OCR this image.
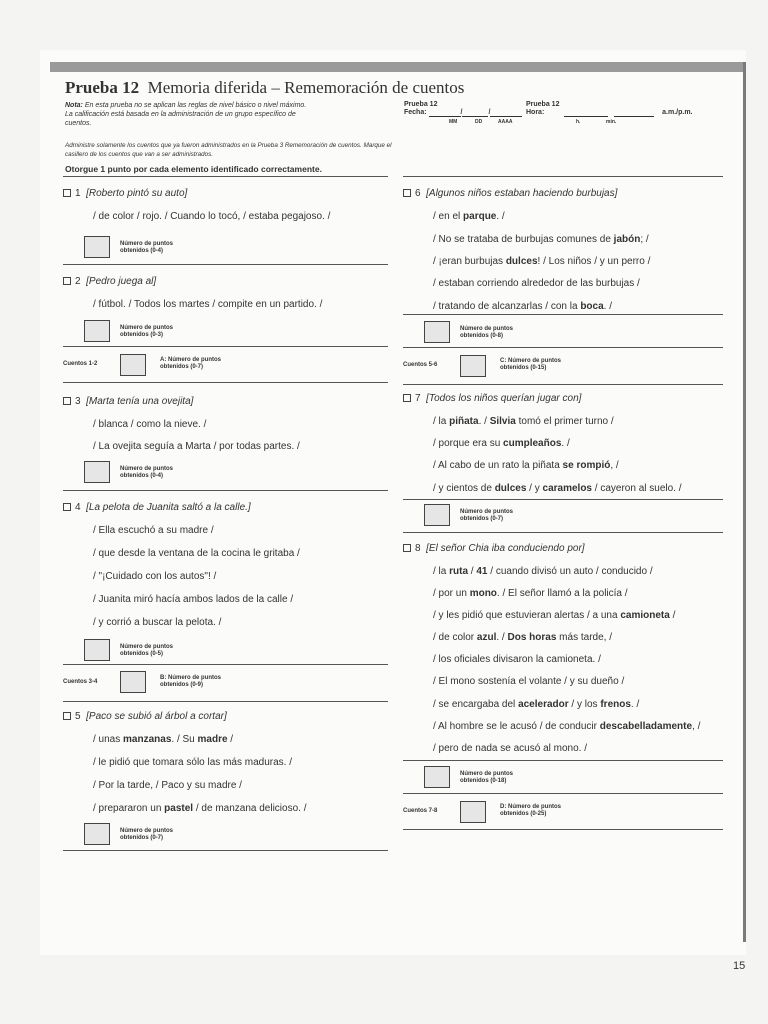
Prueba 12 Memoria diferida – Rememoración de cuentos
Nota: En esta prueba no se aplican las reglas de nivel básico o nivel máximo. La calificación está basada en la administración de un grupo específico de cuentos.
Administre solamente los cuentos que ya fueron administrados en la Prueba 3 Rememoración de cuentos. Marque el casillero de los cuentos que van a ser administrados.
Otorgue 1 punto por cada elemento identificado correctamente.
Prueba 12
Fecha:	/	/
MM	DD	AAAA
Prueba 12
Hora:	a.m./p.m.
h.	min.
1 [Roberto pintó su auto]
/ de color / rojo. / Cuando lo tocó, / estaba pegajoso. /
Número de puntos obtenidos (0-4)
2 [Pedro juega al]
/ fútbol. / Todos los martes / compite en un partido. /
Número de puntos obtenidos (0-3)
Cuentos 1-2
A: Número de puntos obtenidos (0-7)
3 [Marta tenía una ovejita]
/ blanca / como la nieve. /
/ La ovejita seguía a Marta / por todas partes. /
Número de puntos obtenidos (0-4)
4 [La pelota de Juanita saltó a la calle.]
/ Ella escuchó a su madre /
/ que desde la ventana de la cocina le gritaba /
/ "¡Cuidado con los autos"! /
/ Juanita miró hacía ambos lados de la calle /
/ y corrió a buscar la pelota. /
Número de puntos obtenidos (0-5)
Cuentos 3-4
B: Número de puntos obtenidos (0-9)
5 [Paco se subió al árbol a cortar]
/ unas manzanas. / Su madre /
/ le pidió que tomara sólo las más maduras. /
/ Por la tarde, / Paco y su madre /
/ prepararon un pastel / de manzana delicioso. /
Número de puntos obtenidos (0-7)
6 [Algunos niños estaban haciendo burbujas]
/ en el parque. /
/ No se trataba de burbujas comunes de jabón; /
/ ¡eran burbujas dulces! / Los niños / y un perro /
/ estaban corriendo alrededor de las burbujas /
/ tratando de alcanzarlas / con la boca. /
Número de puntos obtenidos (0-8)
Cuentos 5-6
C: Número de puntos obtenidos (0-15)
7 [Todos los niños querían jugar con]
/ la piñata. / Silvia tomó el primer turno /
/ porque era su cumpleaños. /
/ Al cabo de un rato la piñata se rompió, /
/ y cientos de dulces / y caramelos / cayeron al suelo. /
Número de puntos obtenidos (0-7)
8 [El señor Chia iba conduciendo por]
/ la ruta / 41 / cuando divisó un auto / conducido /
/ por un mono. / El señor llamó a la policía /
/ y les pidió que estuvieran alertas / a una camioneta /
/ de color azul. / Dos horas más tarde, /
/ los oficiales divisaron la camioneta. /
/ El mono sostenía el volante / y su dueño /
/ se encargaba del acelerador / y los frenos. /
/ Al hombre se le acusó / de conducir descabelladamente, /
/ pero de nada se acusó al mono. /
Número de puntos obtenidos (0-18)
Cuentos 7-8
D: Número de puntos obtenidos (0-25)
15
